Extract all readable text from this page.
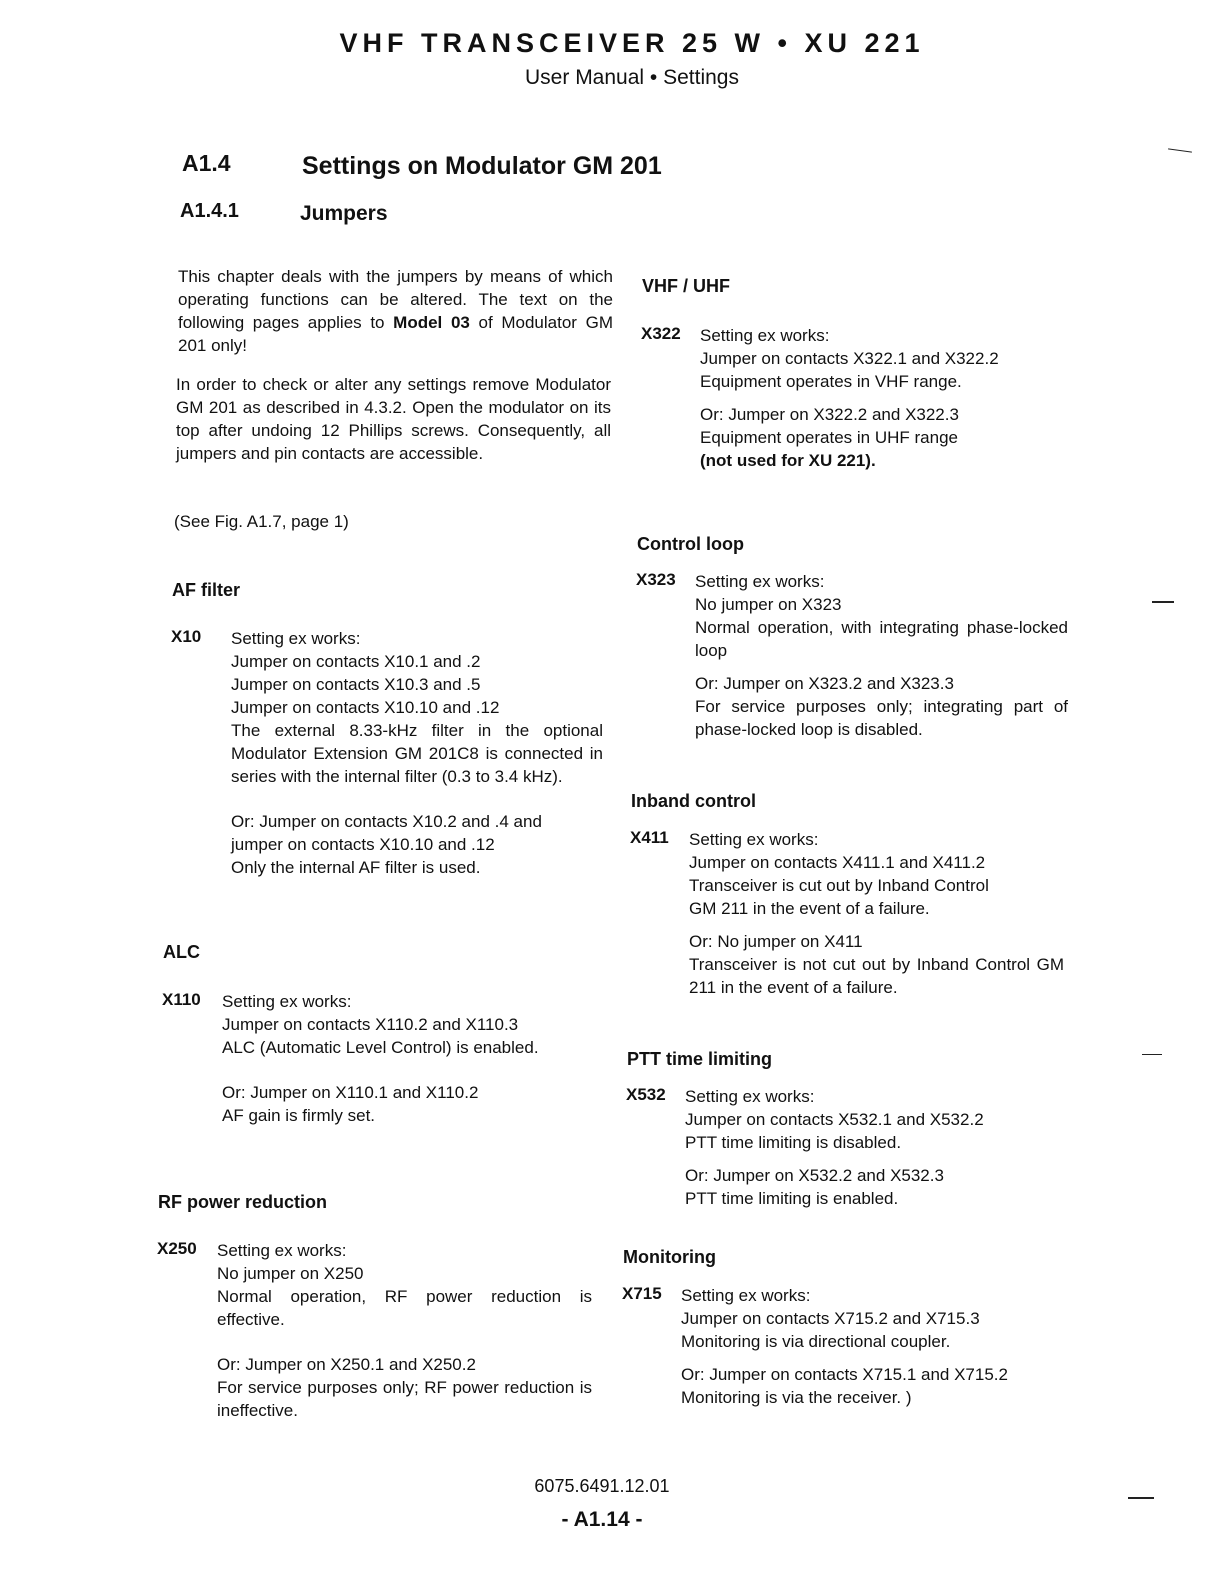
VHF TRANSCEIVER 25 W • XU 221
User Manual • Settings
A1.4	Settings on Modulator GM 201
A1.4.1	Jumpers
This chapter deals with the jumpers by means of which operating functions can be altered. The text on the following pages applies to Model 03 of Modulator GM 201 only!
In order to check or alter any settings remove Modulator GM 201 as described in 4.3.2. Open the modulator on its top after undoing 12 Phillips screws. Consequently, all jumpers and pin contacts are accessible.
(See Fig. A1.7, page 1)
AF filter
X10 Setting ex works:
Jumper on contacts X10.1 and .2
Jumper on contacts X10.3 and .5
Jumper on contacts X10.10 and .12
The external 8.33-kHz filter in the optional Modulator Extension GM 201C8 is connected in series with the internal filter (0.3 to 3.4 kHz).
Or: Jumper on contacts X10.2 and .4 and
jumper on contacts X10.10 and .12
Only the internal AF filter is used.
ALC
X110 Setting ex works:
Jumper on contacts X110.2 and X110.3
ALC (Automatic Level Control) is enabled.
Or: Jumper on X110.1 and X110.2
AF gain is firmly set.
RF power reduction
X250 Setting ex works:
No jumper on X250
Normal operation, RF power reduction is effective.
Or: Jumper on X250.1 and X250.2
For service purposes only; RF power reduction is ineffective.
VHF / UHF
X322 Setting ex works:
Jumper on contacts X322.1 and X322.2
Equipment operates in VHF range.
Or: Jumper on X322.2 and X322.3
Equipment operates in UHF range
(not used for XU 221).
Control loop
X323 Setting ex works:
No jumper on X323
Normal operation, with integrating phase-locked loop
Or: Jumper on X323.2 and X323.3
For service purposes only; integrating part of phase-locked loop is disabled.
Inband control
X411 Setting ex works:
Jumper on contacts X411.1 and X411.2
Transceiver is cut out by Inband Control
GM 211 in the event of a failure.
Or: No jumper on X411
Transceiver is not cut out by Inband Control GM 211 in the event of a failure.
PTT time limiting
X532 Setting ex works:
Jumper on contacts X532.1 and X532.2
PTT time limiting is disabled.
Or: Jumper on X532.2 and X532.3
PTT time limiting is enabled.
Monitoring
X715 Setting ex works:
Jumper on contacts X715.2 and X715.3
Monitoring is via directional coupler.
Or: Jumper on contacts X715.1 and X715.2
Monitoring is via the receiver. )
6075.6491.12.01
- A1.14 -
